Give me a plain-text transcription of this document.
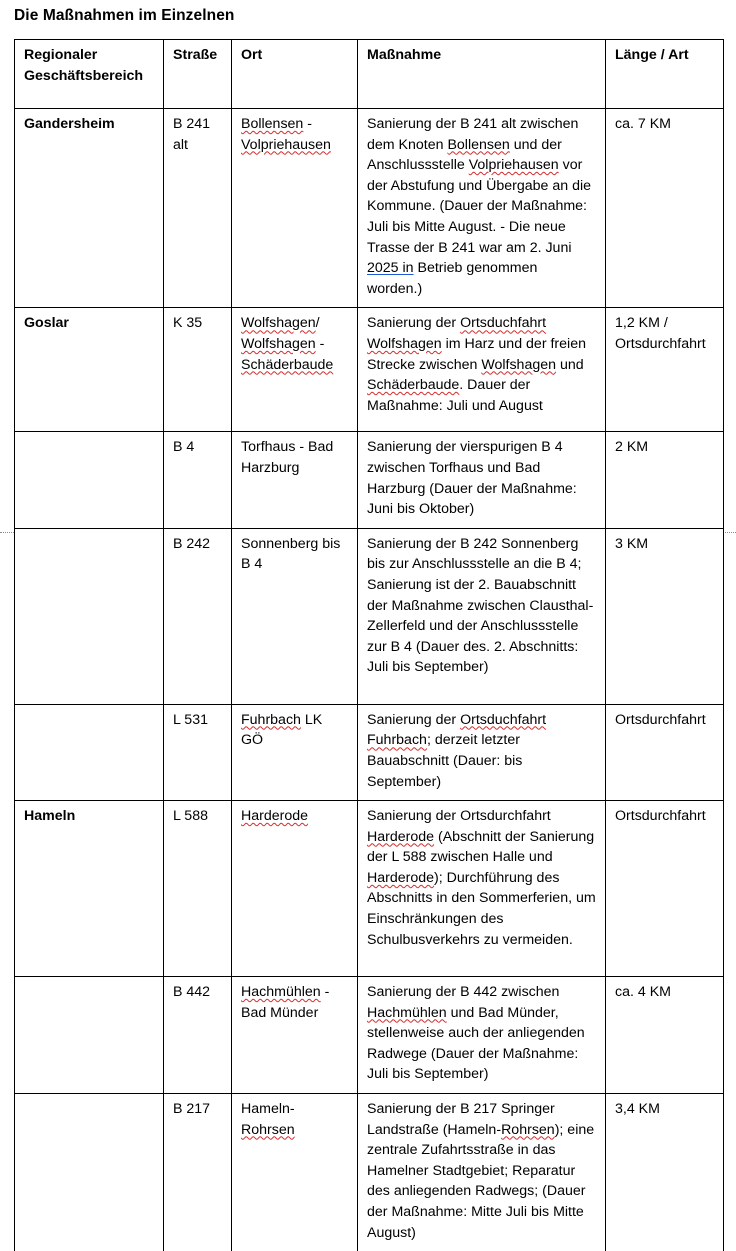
Die Maßnahmen im Einzelnen
Regionaler Geschäftsbereich	Straße	Ort	Maßnahme	Länge / Art
Gandersheim	B 241 alt	Bollensen - Volpriehausen	Sanierung der B 241 alt zwischen dem Knoten Bollensen und der Anschlussstelle Volpriehausen vor der Abstufung und Übergabe an die Kommune. (Dauer der Maßnahme: Juli bis Mitte August. - Die neue Trasse der B 241 war am 2. Juni 2025 in Betrieb genommen worden.)	ca. 7 KM
Goslar	K 35	Wolfshagen/ Wolfshagen - Schäderbaude	Sanierung der Ortsduchfahrt Wolfshagen im Harz und der freien Strecke zwischen Wolfshagen und Schäderbaude. Dauer der Maßnahme: Juli und August	1,2 KM / Ortsdurchfahrt
	B 4	Torfhaus - Bad Harzburg	Sanierung der vierspurigen B 4 zwischen Torfhaus und Bad Harzburg (Dauer der Maßnahme: Juni bis Oktober)	2 KM
	B 242	Sonnenberg bis B 4	Sanierung der B 242 Sonnenberg bis zur Anschlussstelle an die B 4; Sanierung ist der 2. Bauabschnitt der Maßnahme zwischen Clausthal-Zellerfeld und der Anschlussstelle zur B 4 (Dauer des. 2. Abschnitts: Juli bis September)	3 KM
	L 531	Fuhrbach LK GÖ	Sanierung der Ortsduchfahrt Fuhrbach; derzeit letzter Bauabschnitt (Dauer: bis September)	Ortsdurchfahrt
Hameln	L 588	Harderode	Sanierung der Ortsdurchfahrt Harderode (Abschnitt der Sanierung der L 588 zwischen Halle und Harderode); Durchführung des Abschnitts in den Sommerferien, um Einschränkungen des Schulbusverkehrs zu vermeiden.	Ortsdurchfahrt
	B 442	Hachmühlen - Bad Münder	Sanierung der B 442 zwischen Hachmühlen und Bad Münder, stellenweise auch der anliegenden Radwege (Dauer der Maßnahme: Juli bis September)	ca. 4 KM
	B 217	Hameln-Rohrsen	Sanierung der B 217 Springer Landstraße (Hameln-Rohrsen); eine zentrale Zufahrtsstraße in das Hamelner Stadtgebiet; Reparatur des anliegenden Radwegs; (Dauer der Maßnahme: Mitte Juli bis Mitte August)	3,4 KM
